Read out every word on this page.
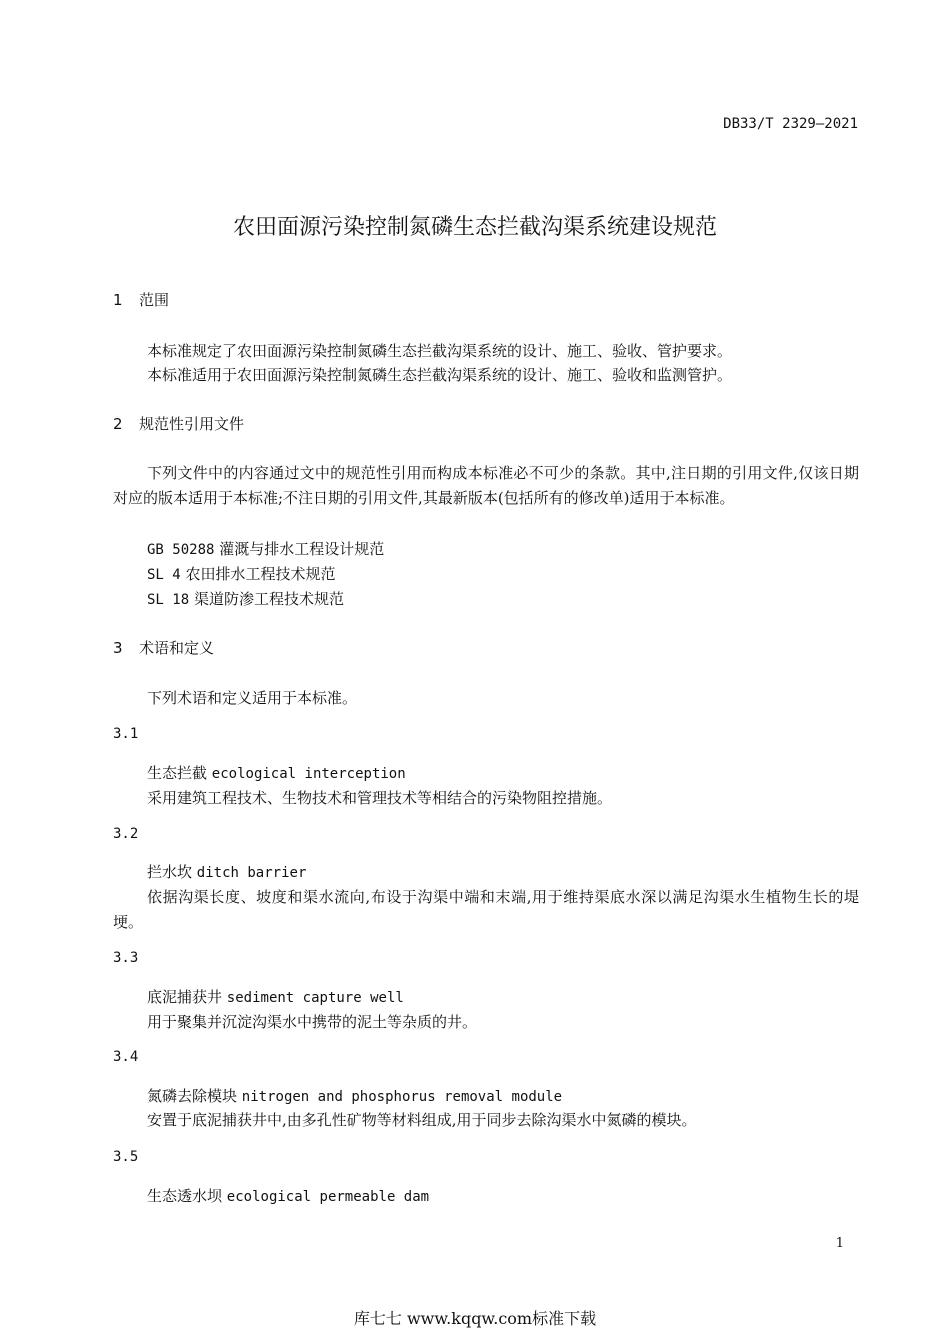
DB33/T 2329—2021
农田面源污染控制氮磷生态拦截沟渠系统建设规范
1 范围
本标准规定了农田面源污染控制氮磷生态拦截沟渠系统的设计、施工、验收、管护要求。
本标准适用于农田面源污染控制氮磷生态拦截沟渠系统的设计、施工、验收和监测管护。
2 规范性引用文件
下列文件中的内容通过文中的规范性引用而构成本标准必不可少的条款。其中,注日期的引用文件,仅该日期对应的版本适用于本标准;不注日期的引用文件,其最新版本(包括所有的修改单)适用于本标准。
GB 50288 灌溉与排水工程设计规范
SL 4 农田排水工程技术规范
SL 18 渠道防渗工程技术规范
3 术语和定义
下列术语和定义适用于本标准。
3.1
生态拦截 ecological interception
采用建筑工程技术、生物技术和管理技术等相结合的污染物阻控措施。
3.2
拦水坎 ditch barrier
依据沟渠长度、坡度和渠水流向,布设于沟渠中端和末端,用于维持渠底水深以满足沟渠水生植物生长的堤埂。
3.3
底泥捕获井 sediment capture well
用于聚集并沉淀沟渠水中携带的泥土等杂质的井。
3.4
氮磷去除模块 nitrogen and phosphorus removal module
安置于底泥捕获井中,由多孔性矿物等材料组成,用于同步去除沟渠水中氮磷的模块。
3.5
生态透水坝 ecological permeable dam
1
库七七 www.kqqw.com标准下载
